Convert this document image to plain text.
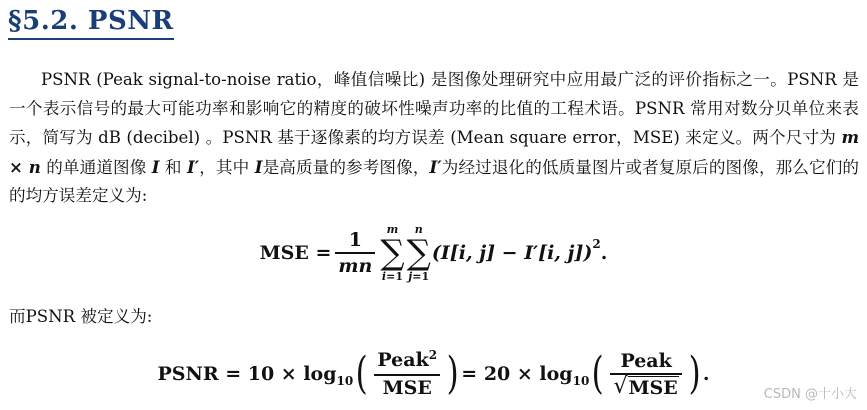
§5.2. PSNR

PSNR (Peak signal-to-noise ratio，峰值信噪比) 是图像处理研究中应用最广泛的评价指标之一。PSNR 是一个表示信号的最大可能功率和影响它的精度的破坏性噪声功率的比值的工程术语。PSNR 常用对数分贝单位来表示，简写为 dB (decibel) 。PSNR 基于逐像素的均方误差 (Mean square error，MSE) 来定义。两个尺寸为 m × n 的单通道图像 I 和 I′，其中 I是高质量的参考图像，I′为经过退化的低质量图片或者复原后的图像，那么它们的的均方误差定义为:

MSE = $\frac{1}{mn}$ m
∑
i=1
n
∑
j=1
(I[i, j] − I′[i, j]) 2 .

而PSNR 被定义为:

PSNR = 10 × log 10 ( $\frac{Peak^2}{\text{MSE}}$ ) = 20 × log 10 ( $\frac{\text{Peak}}{\text{√ MSE}}$ ) .
CSDN @十小大
